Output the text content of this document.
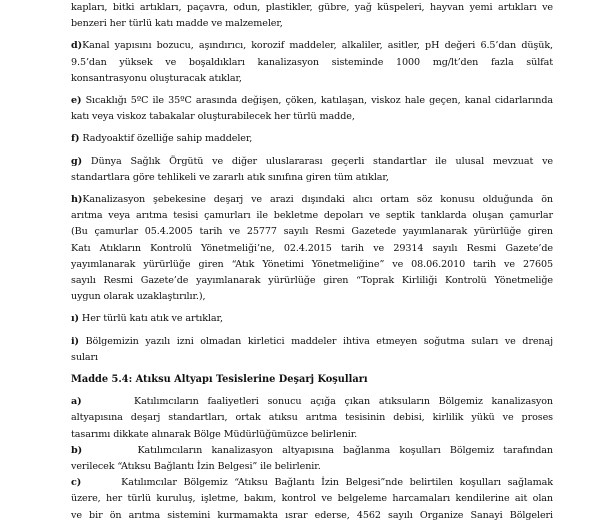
kapları, bitki artıkları, paçavra, odun, plastikler, gübre, yağ küspeleri, hayvan yemi artıkları ve
benzeri her türlü katı madde ve malzemeler,
d)Kanal yapısını bozucu, aşındırıcı, korozif maddeler, alkaliler, asitler, pH değeri 6.5’dan düşük,
9.5’dan yüksek ve boşaldıkları kanalizasyon sisteminde 1000 mg/lt’den fazla sülfat
konsantrasyonu oluşturacak atıklar,
e) Sıcaklığı 5ºC ile 35ºC arasında değişen, çöken, katılaşan, viskoz hale geçen, kanal cidarlarında
katı veya viskoz tabakalar oluşturabilecek her türlü madde,
f) Radyoaktif özelliğe sahip maddeler,
g) Dünya Sağlık Örgütü ve diğer uluslararası geçerli standartlar ile ulusal mevzuat ve
standartlara göre tehlikeli ve zararlı atık sınıfına giren tüm atıklar,
h)Kanalizasyon şebekesine deşarj ve arazi dışındaki alıcı ortam söz konusu olduğunda ön
arıtma veya arıtma tesisi çamurları ile bekletme depoları ve septik tanklarda oluşan çamurlar
(Bu çamurlar 05.4.2005 tarih ve 25777 sayılı Resmi Gazetede yayımlanarak yürürlüğe giren
Katı Atıkların Kontrolü Yönetmeliği’ne, 02.4.2015 tarih ve 29314 sayılı Resmi Gazete’de
yayımlanarak yürürlüğe giren “Atık Yönetimi Yönetmeliğine” ve 08.06.2010 tarih ve 27605
sayılı Resmi Gazete’de yayımlanarak yürürlüğe giren “Toprak Kirliliği Kontrolü Yönetmeliğe
uygun olarak uzaklaştırılır.),
ı) Her türlü katı atık ve artıklar,
i) Bölgemizin yazılı izni olmadan kirletici maddeler ihtiva etmeyen soğutma suları ve drenaj
suları
Madde 5.4: Atıksu Altyapı Tesislerine Deşarj Koşulları
a)      Katılımcıların faaliyetleri sonucu açığa çıkan atıksuların Bölgemiz kanalizasyon
altyapısına deşarj standartları, ortak atıksu arıtma tesisinin debisi, kirlilik yükü ve proses
tasarımı dikkate alınarak Bölge Müdürlüğümüzce belirlenir.
b)      Katılımcıların kanalizasyon altyapısına bağlanma koşulları Bölgemiz tarafından
verilecek “Atıksu Bağlantı İzin Belgesi” ile belirlenir.
c)      Katılımcılar Bölgemiz “Atıksu Bağlantı İzin Belgesi”nde belirtilen koşulları sağlamak
üzere, her türlü kuruluş, işletme, bakım, kontrol ve belgeleme harcamaları kendilerine ait olan
ve bir ön arıtma sistemini kurmamakta ısrar ederse, 4562 sayılı Organize Sanayi Bölgeleri
